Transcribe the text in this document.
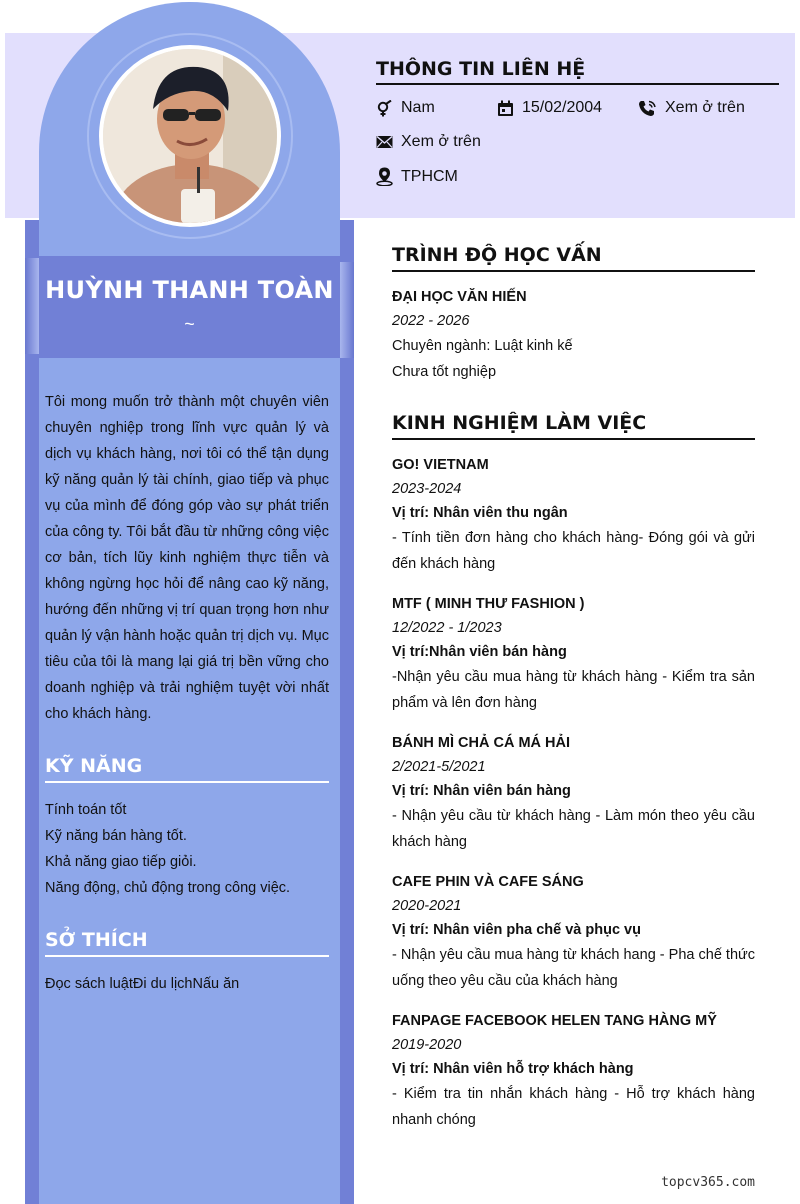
HUỲNH THANH TOÀN
~

Tôi mong muốn trở thành một chuyên viên chuyên nghiệp trong lĩnh vực quản lý và dịch vụ khách hàng, nơi tôi có thể tận dụng kỹ năng quản lý tài chính, giao tiếp và phục vụ của mình để đóng góp vào sự phát triển của công ty. Tôi bắt đầu từ những công việc cơ bản, tích lũy kinh nghiệm thực tiễn và không ngừng học hỏi để nâng cao kỹ năng, hướng đến những vị trí quan trọng hơn như quản lý vận hành hoặc quản trị dịch vụ. Mục tiêu của tôi là mang lại giá trị bền vững cho doanh nghiệp và trải nghiệm tuyệt vời nhất cho khách hàng.

KỸ NĂNG
Tính toán tốt
Kỹ năng bán hàng tốt.
Khả năng giao tiếp giỏi.
Năng động, chủ động trong công việc.
SỞ THÍCH
Đọc sách luậtĐi du lịchNấu ăn
THÔNG TIN LIÊN HỆ
Nam	15/02/2004	Xem ở trên
Xem ở trên
TPHCM
TRÌNH ĐỘ HỌC VẤN
ĐẠI HỌC VĂN HIẾN
2022 - 2026
Chuyên ngành: Luật kinh kế
Chưa tốt nghiệp
KINH NGHIỆM LÀM VIỆC
GO! VIETNAM
2023-2024
Vị trí: Nhân viên thu ngân
- Tính tiền đơn hàng cho khách hàng- Đóng gói và gửi đến khách hàng
MTF ( MINH THƯ FASHION )
12/2022 - 1/2023
Vị trí:Nhân viên bán hàng
-Nhận yêu cầu mua hàng từ khách hàng - Kiểm tra sản phẩm và lên đơn hàng
BÁNH MÌ CHẢ CÁ MÁ HẢI
2/2021-5/2021
Vị trí: Nhân viên bán hàng
- Nhận yêu cầu từ khách hàng - Làm món theo yêu cầu khách hàng
CAFE PHIN VÀ CAFE SÁNG
2020-2021
Vị trí: Nhân viên pha chế và phục vụ
- Nhận yêu cầu mua hàng từ khách hang - Pha chế thức uống theo yêu cầu của khách hàng
FANPAGE FACEBOOK HELEN TANG HÀNG MỸ
2019-2020
Vị trí: Nhân viên hỗ trợ khách hàng
- Kiểm tra tin nhắn khách hàng - Hỗ trợ khách hàng nhanh chóng
topcv365.com
